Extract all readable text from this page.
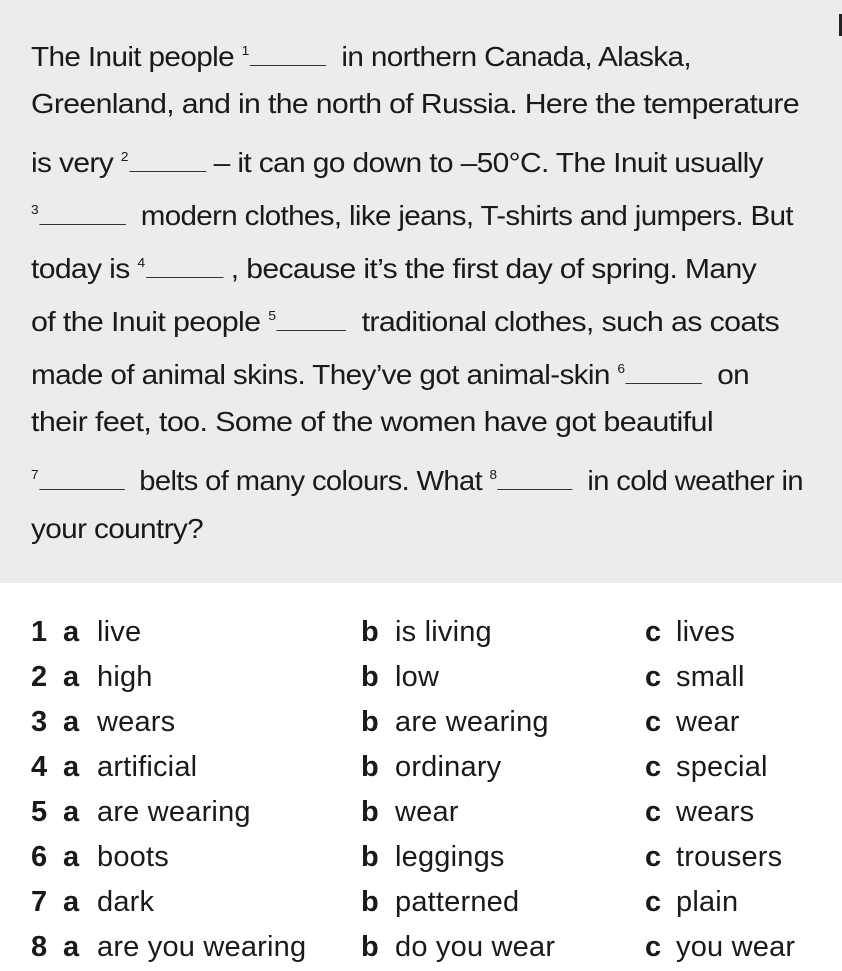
The Inuit people $^1$	in northern Canada, Alaska,
Greenland, and in the north of Russia. Here the temperature
is very $^2$	– it can go down to –50°C. The Inuit usually
$^3$	modern clothes, like jeans, T-shirts and jumpers. But
today is $^4$	, because it’s the first day of spring. Many
of the Inuit people $^5$	traditional clothes, such as coats
made of animal skins. They’ve got animal-skin $^6$	on
their feet, too. Some of the women have got beautiful
$^7$	belts of many colours. What $^8$	in cold weather in
your country?
1 a live	b is living	c lives
2 a high	b low	c small
3 a wears	b are wearing	c wear
4 a artificial	b ordinary	c special
5 a are wearing	b wear	c wears
6 a boots	b leggings	c trousers
7 a dark	b patterned	c plain
8 a are you wearing b do you wear	c you wear
